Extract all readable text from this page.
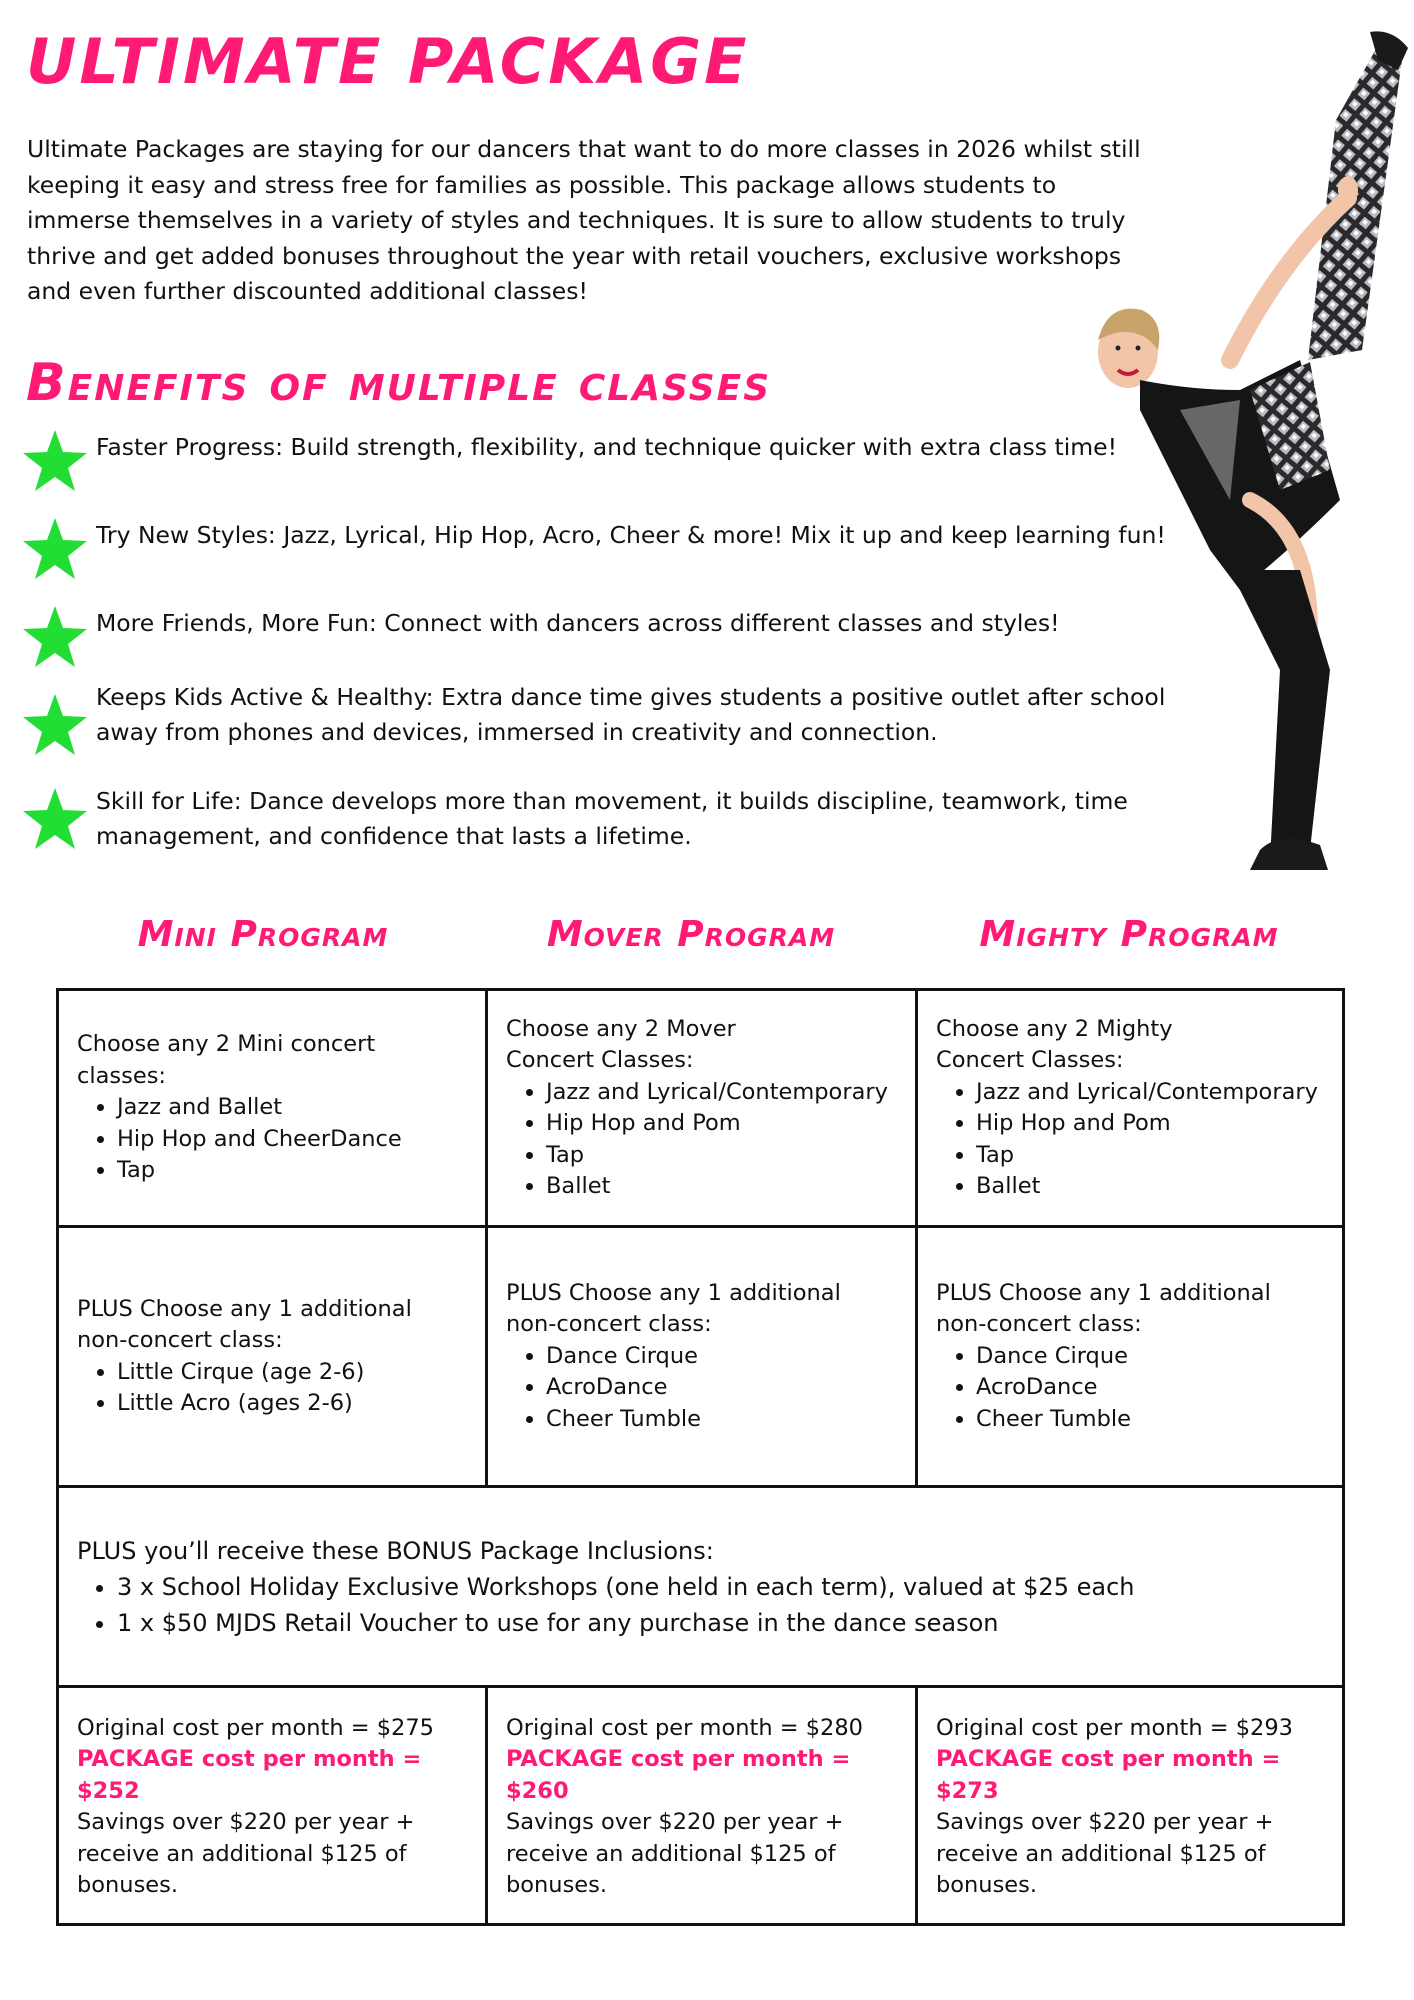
ULTIMATE PACKAGE

Ultimate Packages are staying for our dancers that want to do more classes in 2026 whilst still keeping it easy and stress free for families as possible. This package allows students to immerse themselves in a variety of styles and techniques. It is sure to allow students to truly thrive and get added bonuses throughout the year with retail vouchers, exclusive workshops and even further discounted additional classes!

Benefits of multiple classes
Faster Progress: Build strength, flexibility, and technique quicker with extra class time!
Try New Styles: Jazz, Lyrical, Hip Hop, Acro, Cheer & more! Mix it up and keep learning fun!
More Friends, More Fun: Connect with dancers across different classes and styles!
Keeps Kids Active & Healthy: Extra dance time gives students a positive outlet after school away from phones and devices, immersed in creativity and connection.
Skill for Life: Dance develops more than movement, it builds discipline, teamwork, time management, and confidence that lasts a lifetime.
Mini Program	Mover Program	Mighty Program

Choose any 2 Mini concert classes:

• Jazz and Ballet
• Hip Hop and CheerDance
• Tap

Choose any 2 Mover Concert Classes:

• Jazz and Lyrical/Contemporary
• Hip Hop and Pom
• Tap
• Ballet

Choose any 2 Mighty Concert Classes:

• Jazz and Lyrical/Contemporary
• Hip Hop and Pom
• Tap
• Ballet

PLUS Choose any 1 additional non-concert class:

• Little Cirque (age 2-6)
• Little Acro (ages 2-6)

PLUS Choose any 1 additional non-concert class:

• Dance Cirque
• AcroDance
• Cheer Tumble

PLUS Choose any 1 additional non-concert class:

• Dance Cirque
• AcroDance
• Cheer Tumble

PLUS you’ll receive these BONUS Package Inclusions:

• 3 x School Holiday Exclusive Workshops (one held in each term), valued at $25 each
• 1 x $50 MJDS Retail Voucher to use for any purchase in the dance season

Original cost per month = $275

PACKAGE cost per month = $252

Savings over $220 per year + receive an additional $125 of bonuses.

Original cost per month = $280

PACKAGE cost per month = $260

Savings over $220 per year + receive an additional $125 of bonuses.

Original cost per month = $293

PACKAGE cost per month = $273

Savings over $220 per year + receive an additional $125 of bonuses.
